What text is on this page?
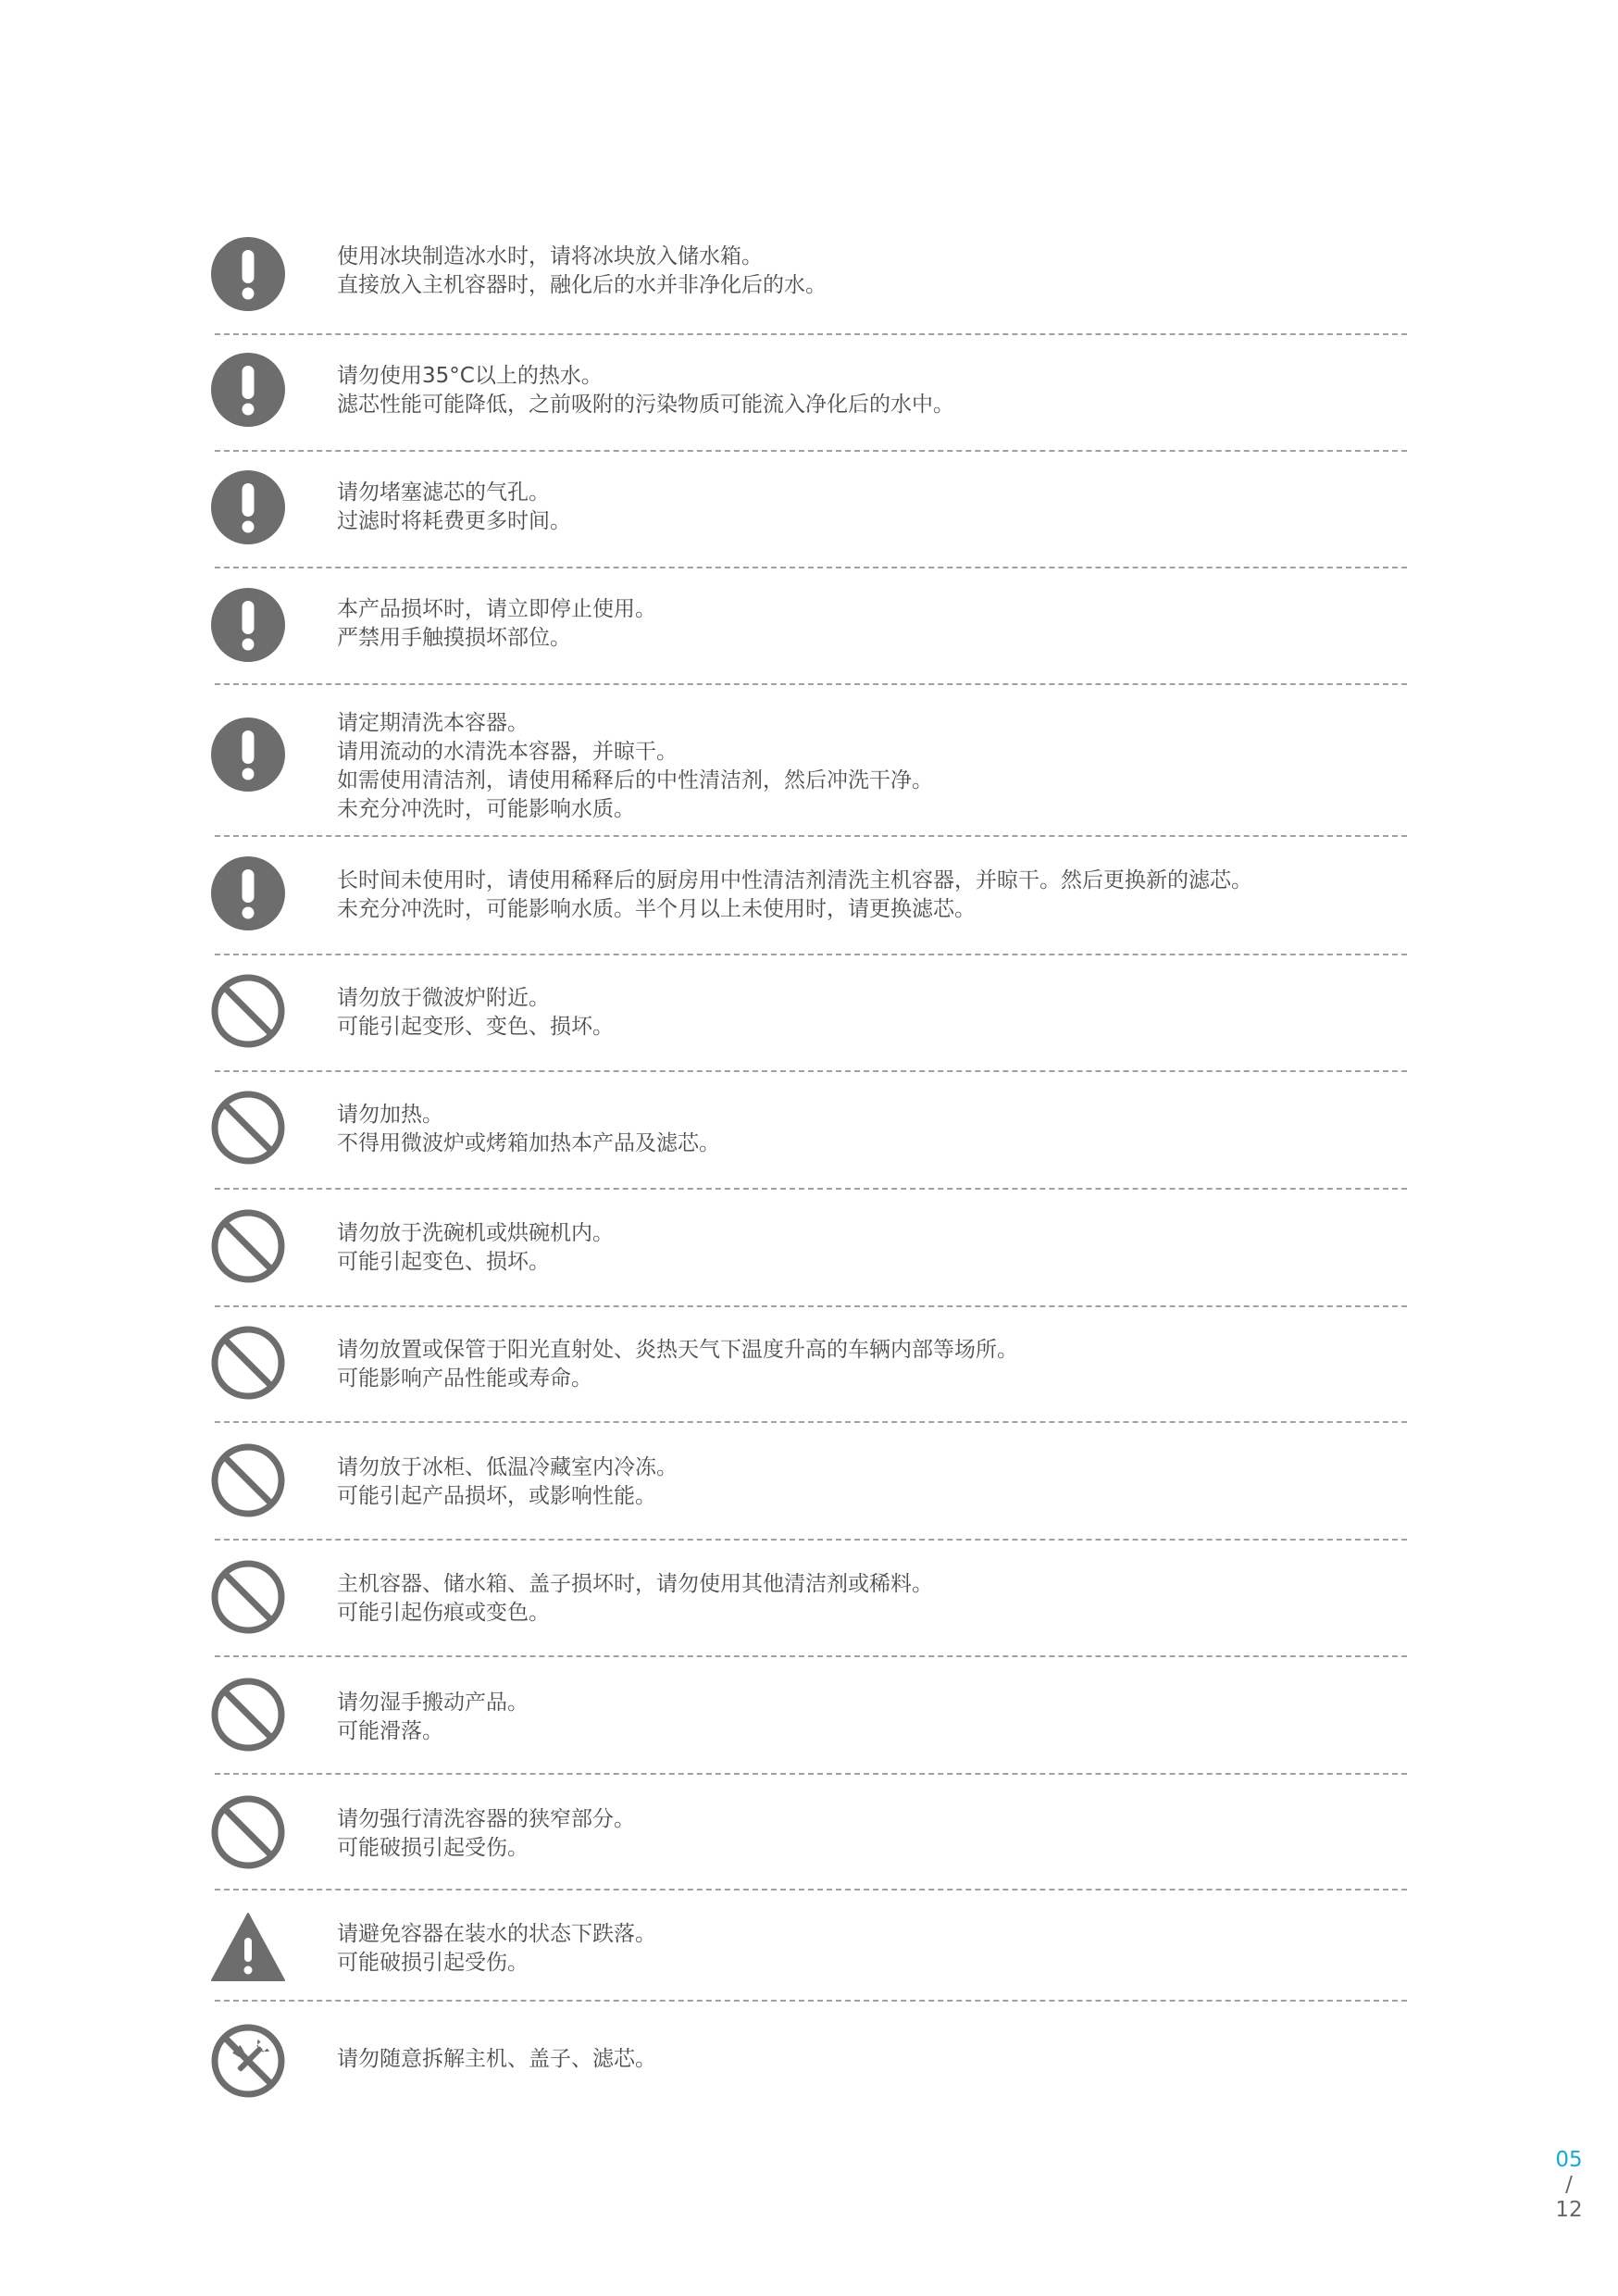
使用冰块制造冰水时，请将冰块放入储水箱。
直接放入主机容器时，融化后的水并非净化后的水。
请勿使用35°C以上的热水。
滤芯性能可能降低，之前吸附的污染物质可能流入净化后的水中。
请勿堵塞滤芯的气孔。
过滤时将耗费更多时间。
本产品损坏时，请立即停止使用。
严禁用手触摸损坏部位。
请定期清洗本容器。
请用流动的水清洗本容器，并晾干。
如需使用清洁剂，请使用稀释后的中性清洁剂，然后冲洗干净。
未充分冲洗时，可能影响水质。
长时间未使用时，请使用稀释后的厨房用中性清洁剂清洗主机容器，并晾干。然后更换新的滤芯。
未充分冲洗时，可能影响水质。半个月以上未使用时，请更换滤芯。
请勿放于微波炉附近。
可能引起变形、变色、损坏。
请勿加热。
不得用微波炉或烤箱加热本产品及滤芯。
请勿放于洗碗机或烘碗机内。
可能引起变色、损坏。
请勿放置或保管于阳光直射处、炎热天气下温度升高的车辆内部等场所。
可能影响产品性能或寿命。
请勿放于冰柜、低温冷藏室内冷冻。
可能引起产品损坏，或影响性能。
主机容器、储水箱、盖子损坏时，请勿使用其他清洁剂或稀料。
可能引起伤痕或变色。
请勿湿手搬动产品。
可能滑落。
请勿强行清洗容器的狭窄部分。
可能破损引起受伤。
请避免容器在装水的状态下跌落。
可能破损引起受伤。
请勿随意拆解主机、盖子、滤芯。
05
/
12
